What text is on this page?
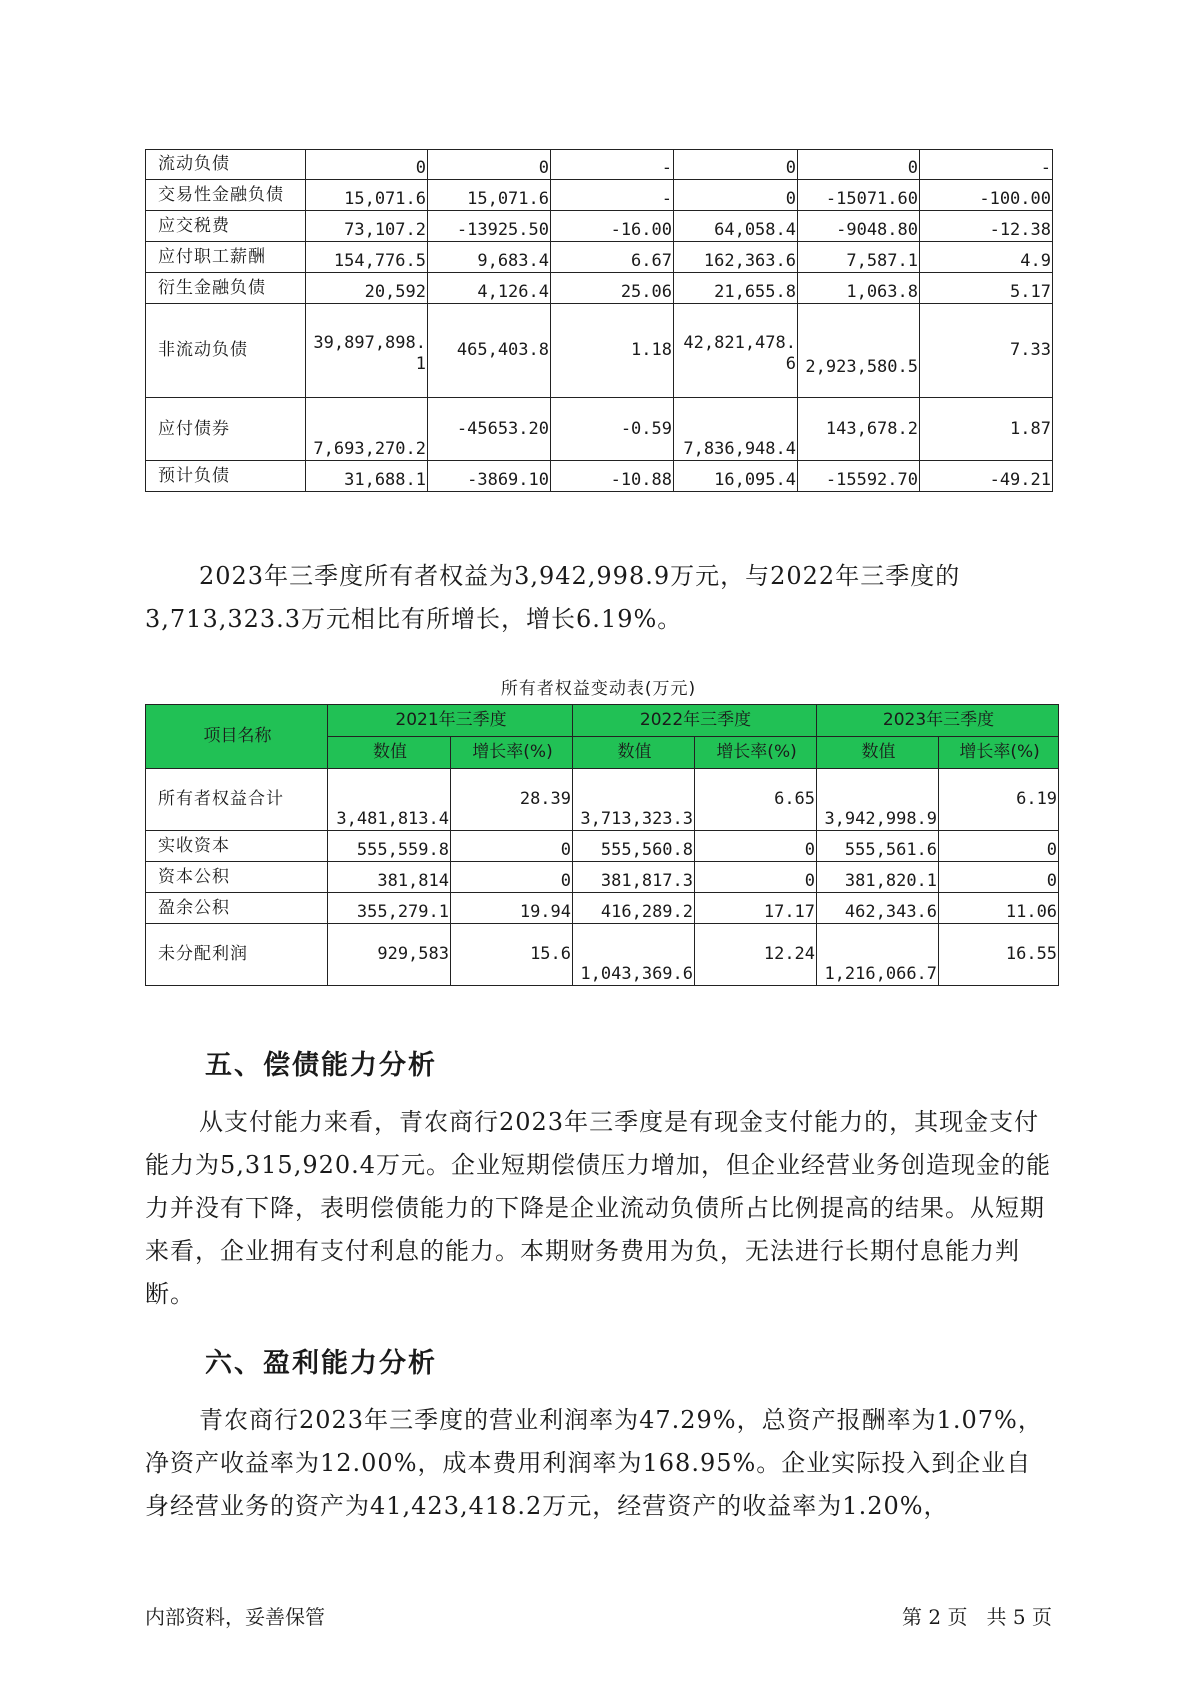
流动负债	0	0	-	0	0	-
交易性金融负债	15,071.6	15,071.6	-	0	-15071.60	-100.00
应交税费	73,107.2	-13925.50	-16.00	64,058.4	-9048.80	-12.38
应付职工薪酬	154,776.5	9,683.4	6.67	162,363.6	7,587.1	4.9
衍生金融负债	20,592	4,126.4	25.06	21,655.8	1,063.8	5.17
非流动负债	39,897,898.1	465,403.8	1.18	42,821,478.6	2,923,580.5	7.33
应付债券	7,693,270.2	-45653.20	-0.59	7,836,948.4	143,678.2	1.87
预计负债	31,688.1	-3869.10	-10.88	16,095.4	-15592.70	-49.21
2023年三季度所有者权益为3,942,998.9万元，与2022年三季度的3,713,323.3万元相比有所增长，增长6.19%。
所有者权益变动表(万元)
项目名称	2021年三季度		2022年三季度		2023年三季度	
	数值	增长率(%)	数值	增长率(%)	数值	增长率(%)
所有者权益合计	3,481,813.4	28.39	3,713,323.3	6.65	3,942,998.9	6.19
实收资本	555,559.8	0	555,560.8	0	555,561.6	0
资本公积	381,814	0	381,817.3	0	381,820.1	0
盈余公积	355,279.1	19.94	416,289.2	17.17	462,343.6	11.06
未分配利润	929,583	15.6	1,043,369.6	12.24	1,216,066.7	16.55
五、偿债能力分析
从支付能力来看，青农商行2023年三季度是有现金支付能力的，其现金支付能力为5,315,920.4万元。企业短期偿债压力增加，但企业经营业务创造现金的能力并没有下降，表明偿债能力的下降是企业流动负债所占比例提高的结果。从短期来看，企业拥有支付利息的能力。本期财务费用为负，无法进行长期付息能力判断。
六、盈利能力分析
青农商行2023年三季度的营业利润率为47.29%，总资产报酬率为1.07%，净资产收益率为12.00%，成本费用利润率为168.95%。企业实际投入到企业自身经营业务的资产为41,423,418.2万元，经营资产的收益率为1.20%，
内部资料，妥善保管	第 2 页   共 5 页
